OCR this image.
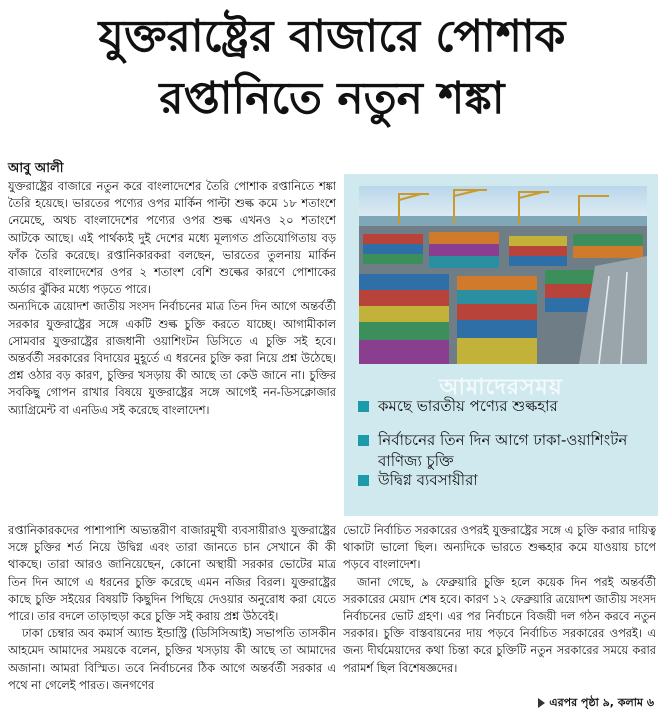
যুক্তরাষ্ট্রের বাজারে পোশাক
রপ্তানিতে নতুন শঙ্কা
আবু আলী

যুক্তরাষ্ট্রের বাজারে নতুন করে বাংলাদেশের তৈরি পোশাক রপ্তানিতে শঙ্কা তৈরি হয়েছে। ভারতের পণ্যের ওপর মার্কিন পাল্টা শুল্ক কমে ১৮ শতাংশে নেমেছে, অথচ বাংলাদেশের পণ্যের ওপর শুল্ক এখনও ২০ শতাংশে আটকে আছে। এই পার্থক্যই দুই দেশের মধ্যে মূল্যগত প্রতিযোগিতায় বড় ফাঁক তৈরি করেছে। রপ্তানিকারকরা বলছেন, ভারতের তুলনায় মার্কিন বাজারে বাংলাদেশের ওপর ২ শতাংশ বেশি শুল্কের কারণে পোশাকের অর্ডার ঝুঁকির মধ্যে পড়তে পারে।

অন্যদিকে ত্রয়োদশ জাতীয় সংসদ নির্বাচনের মাত্র তিন দিন আগে অন্তর্বর্তী সরকার যুক্তরাষ্ট্রের সঙ্গে একটি শুল্ক চুক্তি করতে যাচ্ছে। আগামীকাল সোমবার যুক্তরাষ্ট্রের রাজধানী ওয়াশিংটন ডিসিতে এ চুক্তি সই হবে। অন্তর্বর্তী সরকারের বিদায়ের মুহূর্তে এ ধরনের চুক্তি করা নিয়ে প্রশ্ন উঠেছে। প্রশ্ন ওঠার বড় কারণ, চুক্তির খসড়ায় কী আছে তা কেউ জানে না। চুক্তির সবকিছু গোপন রাখার বিষয়ে যুক্তরাষ্ট্রের সঙ্গে আগেই নন-ডিসক্লোজার অ্যাগ্রিমেন্ট বা এনডিএ সই করেছে বাংলাদেশ।

আমাদেরসময়
কমছে ভারতীয় পণ্যের শুল্কহার
নির্বাচনের তিন দিন আগে ঢাকা-ওয়াশিংটন বাণিজ্য চুক্তি
উদ্বিগ্ন ব্যবসায়ীরা

রপ্তানিকারকদের পাশাপাশি অভ্যন্তরীণ বাজারমুখী ব্যবসায়ীরাও যুক্তরাষ্ট্রের সঙ্গে চুক্তির শর্ত নিয়ে উদ্বিগ্ন এবং তারা জানতে চান সেখানে কী কী থাকছে। তারা আরও জানিয়েছেন, কোনো অস্থায়ী সরকার ভোটের মাত্র তিন দিন আগে এ ধরনের চুক্তি করেছে এমন নজির বিরল। যুক্তরাষ্ট্রের কাছে চুক্তি সইয়ের বিষয়টি কিছুদিন পিছিয়ে দেওয়ার অনুরোধ করা যেতে পারে। তার বদলে তাড়াহুড়া করে চুক্তি সই করায় প্রশ্ন উঠবেই।

ঢাকা চেম্বার অব কমার্স অ্যান্ড ইন্ডাস্ট্রি (ডিসিসিআই) সভাপতি তাসকীন আহমেদ আমাদের সময়কে বলেন, চুক্তির খসড়ায় কী আছে তা আমাদের অজানা। আমরা বিস্মিত। তবে নির্বাচনের ঠিক আগে অন্তর্বর্তী সরকার এ পথে না গেলেই পারত। জনগণের

ভোটে নির্বাচিত সরকারের ওপরই যুক্তরাষ্ট্রের সঙ্গে এ চুক্তি করার দায়িত্ব থাকাটা ভালো ছিল। অন্যদিকে ভারতে শুল্কহার কমে যাওয়ায় চাপে পড়বে বাংলাদেশ।

জানা গেছে, ৯ ফেব্রুয়ারি চুক্তি হলে কয়েক দিন পরই অন্তর্বর্তী সরকারের মেয়াদ শেষ হবে। কারণ ১২ ফেব্রুয়ারি ত্রয়োদশ জাতীয় সংসদ নির্বাচনের ভোট গ্রহণ। এর পর নির্বাচনে বিজয়ী দল গঠন করবে নতুন সরকার। চুক্তি বাস্তবায়নের দায় পড়বে নির্বাচিত সরকারের ওপরই। এ জন্য দীর্ঘমেয়াদের কথা চিন্তা করে চুক্তিটি নতুন সরকারের সময়ে করার পরামর্শ ছিল বিশেষজ্ঞদের।

এরপর পৃষ্ঠা ৯, কলাম ৬
